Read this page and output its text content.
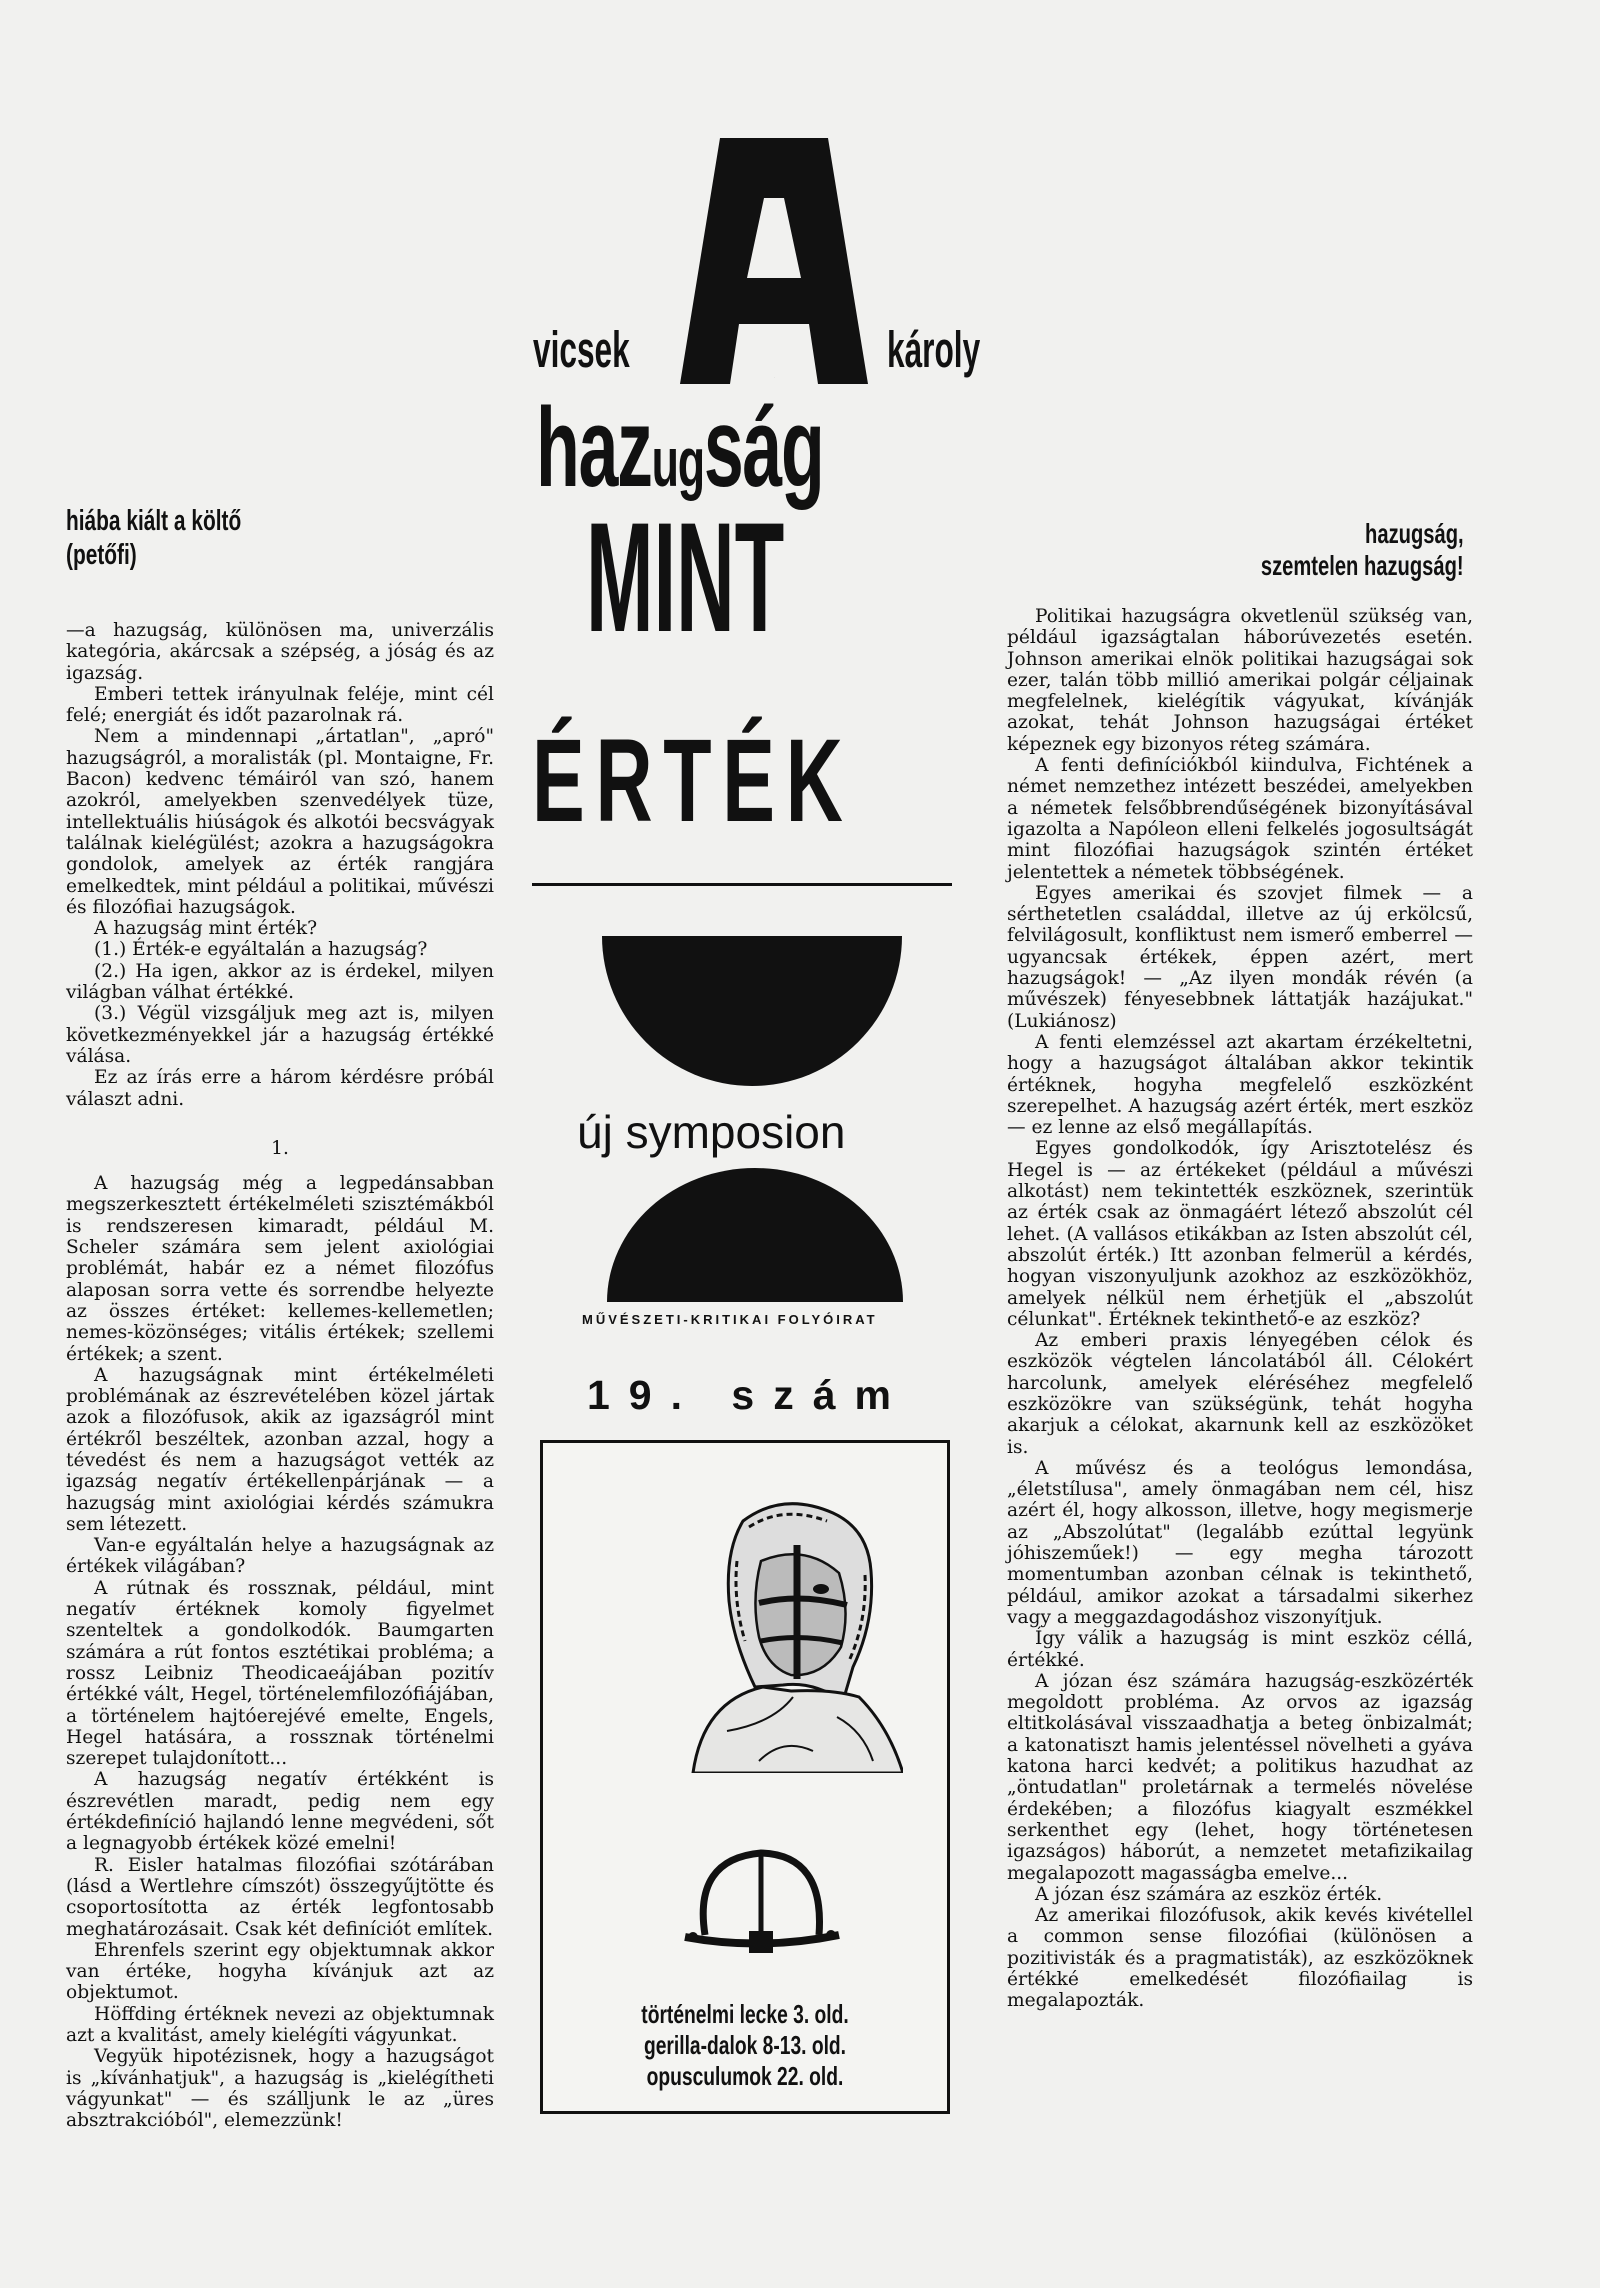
hiába kiált a költő
(petőfi)
hazugság,
szemtelen hazugság!
A
vicsek	károly
hazugság
MINT
ÉRTÉK
új symposion
MŰVÉSZETI-KRITIKAI FOLYÓIRAT
19. szám
történelmi lecke 3. old.
gerilla-dalok 8-13. old.
opusculumok 22. old.

—a hazugság, különösen ma, univerzális kategória, akárcsak a szépség, a jóság és az igazság.

Emberi tettek irányulnak feléje, mint cél felé; energiát és időt pazarolnak rá.

Nem a mindennapi „ártatlan", „apró" hazugságról, a moralisták (pl. Montaigne, Fr. Bacon) kedvenc témáiról van szó, hanem azokról, amelyekben szenvedélyek tüze, intellektuális hiúságok és alkotói becsvágyak találnak kielégülést; azokra a hazugságokra gondolok, amelyek az érték rangjára emelkedtek, mint például a politikai, művészi és filozófiai hazugságok.

A hazugság mint érték?

(1.) Érték-e egyáltalán a hazugság?

(2.) Ha igen, akkor az is érdekel, milyen világban válhat értékké.

(3.) Végül vizsgáljuk meg azt is, milyen következményekkel jár a hazugság értékké válása.

Ez az írás erre a három kérdésre próbál választ adni.

1.

A hazugság még a legpedánsabban megszerkesztett értékelméleti szisztémákból is rendszeresen kimaradt, például M. Scheler számára sem jelent axiológiai problémát, habár ez a német filozófus alaposan sorra vette és sorrendbe helyezte az összes értéket: kellemes-kellemetlen; nemes-közönséges; vitális értékek; szellemi értékek; a szent.

A hazugságnak mint értékelméleti problémának az észrevételében közel jártak azok a filozófusok, akik az igazságról mint értékről beszéltek, azonban azzal, hogy a tévedést és nem a hazugságot vették az igazság negatív értékellenpárjának — a hazugság mint axiológiai kérdés számukra sem létezett.

Van-e egyáltalán helye a hazugságnak az értékek világában?

A rútnak és rossznak, például, mint negatív értéknek komoly figyelmet szenteltek a gondolkodók. Baumgarten számára a rút fontos esztétikai probléma; a rossz Leibniz Theodicaeájában pozitív értékké vált, Hegel, történelemfilozófiájában, a történelem hajtóerejévé emelte, Engels, Hegel hatására, a rossznak történelmi szerepet tulajdonított...

A hazugság negatív értékként is észrevétlen maradt, pedig nem egy értékdefiníció hajlandó lenne megvédeni, sőt a legnagyobb értékek közé emelni!

R. Eisler hatalmas filozófiai szótárában (lásd a Wertlehre címszót) összegyűjtötte és csoportosította az érték legfontosabb meghatározásait. Csak két definíciót említek.

Ehrenfels szerint egy objektumnak akkor van értéke, hogyha kívánjuk azt az objektumot.

Höffding értéknek nevezi az objektumnak azt a kvalitást, amely kielégíti vágyunkat.

Vegyük hipotézisnek, hogy a hazugságot is „kívánhatjuk", a hazugság is „kielégítheti vágyunkat" — és szálljunk le az „üres absztrakcióból", elemezzünk!

Politikai hazugságra okvetlenül szükség van, például igazságtalan háborúvezetés esetén. Johnson amerikai elnök politikai hazugságai sok ezer, talán több millió amerikai polgár céljainak megfelelnek, kielégítik vágyukat, kívánják azokat, tehát Johnson hazugságai értéket képeznek egy bizonyos réteg számára.

A fenti definíciókból kiindulva, Fichtének a német nemzethez intézett beszédei, amelyekben a németek felsőbbrendűségének bizonyításával igazolta a Napóleon elleni felkelés jogosultságát mint filozófiai hazugságok szintén értéket jelentettek a németek többségének.

Egyes amerikai és szovjet filmek — a sérthetetlen családdal, illetve az új erkölcsű, felvilágosult, konfliktust nem ismerő emberrel — ugyancsak értékek, éppen azért, mert hazugságok! — „Az ilyen mondák révén (a művészek) fényesebbnek láttatják hazájukat." (Lukiánosz)

A fenti elemzéssel azt akartam érzékeltetni, hogy a hazugságot általában akkor tekintik értéknek, hogyha megfelelő eszközként szerepelhet. A hazugság azért érték, mert eszköz — ez lenne az első megállapítás.

Egyes gondolkodók, így Arisztotelész és Hegel is — az értékeket (például a művészi alkotást) nem tekintették eszköznek, szerintük az érték csak az önmagáért létező abszolút cél lehet. (A vallásos etikákban az Isten abszolút cél, abszolút érték.) Itt azonban felmerül a kérdés, hogyan viszonyuljunk azokhoz az eszközökhöz, amelyek nélkül nem érhetjük el „abszolút célunkat". Értéknek tekinthető-e az eszköz?

Az emberi praxis lényegében célok és eszközök végtelen láncolatából áll. Célokért harcolunk, amelyek eléréséhez megfelelő eszközökre van szükségünk, tehát hogyha akarjuk a célokat, akarnunk kell az eszközöket is.

A művész és a teológus lemondása, „életstílusa", amely önmagában nem cél, hisz azért él, hogy alkosson, illetve, hogy megismerje az „Abszolútat" (legalább ezúttal legyünk jóhiszeműek!) — egy megha tározott momentumban azonban célnak is tekinthető, például, amikor azokat a társadalmi sikerhez vagy a meggazdagodáshoz viszonyítjuk.

Így válik a hazugság is mint eszköz céllá, értékké.

A józan ész számára hazugság-eszközérték megoldott probléma. Az orvos az igazság eltitkolásával visszaadhatja a beteg önbizalmát; a katonatiszt hamis jelentéssel növelheti a gyáva katona harci kedvét; a politikus hazudhat az „öntudatlan" proletárnak a termelés növelése érdekében; a filozófus kiagyalt eszmékkel serkenthet egy (lehet, hogy történetesen igazságos) háborút, a nemzetet metafizikailag megalapozott magasságba emelve...

A józan ész számára az eszköz érték.

Az amerikai filozófusok, akik kevés kivétellel a common sense filozófiai (különösen a pozitivisták és a pragmatisták), az eszközöknek értékké emelkedését filozófiailag is megalapozták.
